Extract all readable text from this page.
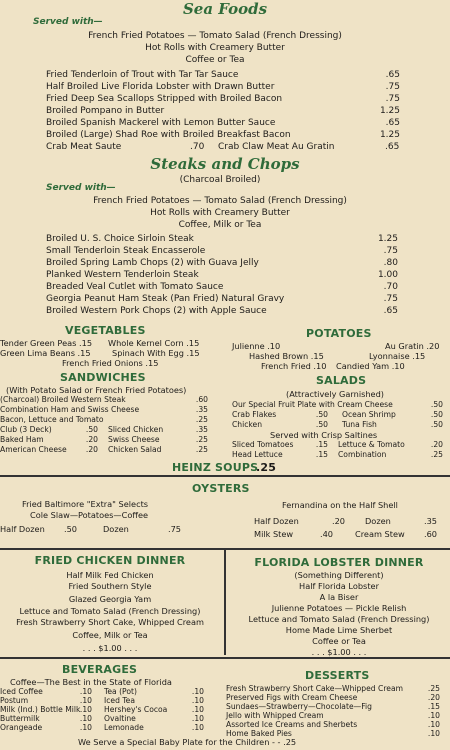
Sea Foods
Served with—
French Fried Potatoes — Tomato Salad (French Dressing)
Hot Rolls with Creamery Butter
Coffee or Tea
Fried Tenderloin of Trout with Tar Tar Sauce	.65
Half Broiled Live Florida Lobster with Drawn Butter	.75
Fried Deep Sea Scallops Stripped with Broiled Bacon	.75
Broiled Pompano in Butter	1.25
Broiled Spanish Mackerel with Lemon Butter Sauce	.65
Broiled (Large) Shad Roe with Broiled Breakfast Bacon	1.25
Crab Meat Saute	.70 Crab Claw Meat Au Gratin	.65
Steaks and Chops
(Charcoal Broiled)
Served with—
French Fried Potatoes — Tomato Salad (French Dressing)
Hot Rolls with Creamery Butter
Coffee, Milk or Tea
Broiled U. S. Choice Sirloin Steak	1.25
Small Tenderloin Steak Encasserole	.75
Broiled Spring Lamb Chops (2) with Guava Jelly	.80
Planked Western Tenderloin Steak	1.00
Breaded Veal Cutlet with Tomato Sauce	.70
Georgia Peanut Ham Steak (Pan Fried) Natural Gravy	.75
Broiled Western Pork Chops (2) with Apple Sauce	.65
VEGETABLES
Tender Green Peas .15 Whole Kernel Corn .15
Green Lima Beans .15	Spinach With Egg .15
French Fried Onions .15
POTATOES
Julienne .10	Au Gratin .20
Hashed Brown .15	Lyonnaise .15
French Fried .10 Candied Yam .10
SANDWICHES
(With Potato Salad or French Fried Potatoes)
(Charcoal) Broiled Western Steak	.60
Combination Ham and Swiss Cheese	.35
Bacon, Lettuce and Tomato	.25
Club (3 Deck)	.50 Sliced Chicken	.35
Baked Ham	.20 Swiss Cheese	.25
American Cheese	.20 Chicken Salad	.25
SALADS
(Attractively Garnished)
Our Special Fruit Plate with Cream Cheese	.50
Crab Flakes	.50 Ocean Shrimp	.50
Chicken	.50 Tuna Fish	.50
Served with Crisp Saltines
Sliced Tomatoes	.15 Lettuce & Tomato	.20
Head Lettuce	.15 Combination	.25
HEINZ SOUPS
.25
OYSTERS
Fried Baltimore "Extra" Selects
Cole Slaw—Potatoes—Coffee
Half Dozen .50	Dozen	.75
Fernandina on the Half Shell
Half Dozen	.20 Dozen	.35
Milk Stew	.40	Cream Stew .60
FRIED CHICKEN DINNER
Half Milk Fed Chicken
Fried Southern Style
Glazed Georgia Yam
Lettuce and Tomato Salad (French Dressing)
Fresh Strawberry Short Cake, Whipped Cream
Coffee, Milk or Tea
. . . $1.00 . . .
FLORIDA LOBSTER DINNER
(Something Different)
Half Florida Lobster
A la Biser
Julienne Potatoes — Pickle Relish
Lettuce and Tomato Salad (French Dressing)
Home Made Lime Sherbet
Coffee or Tea
. . . $1.00 . . .
BEVERAGES
Coffee—The Best in the State of Florida
Iced Coffee	.10 Tea (Pot)	.10
Postum	.10 Iced Tea	.10
Milk (Ind.) Bottle Milk .10 Hershey's Cocoa	.10
Buttermilk	.10 Ovaltine	.10
Orangeade	.10 Lemonade	.10
DESSERTS
Fresh Strawberry Short Cake—Whipped Cream	.25
Preserved Figs with Cream Cheese	.20
Sundaes—Strawberry—Chocolate—Fig	.15
Jello with Whipped Cream	.10
Assorted Ice Creams and Sherbets	.10
Home Baked Pies	.10
We Serve a Special Baby Plate for the Children - - .25
